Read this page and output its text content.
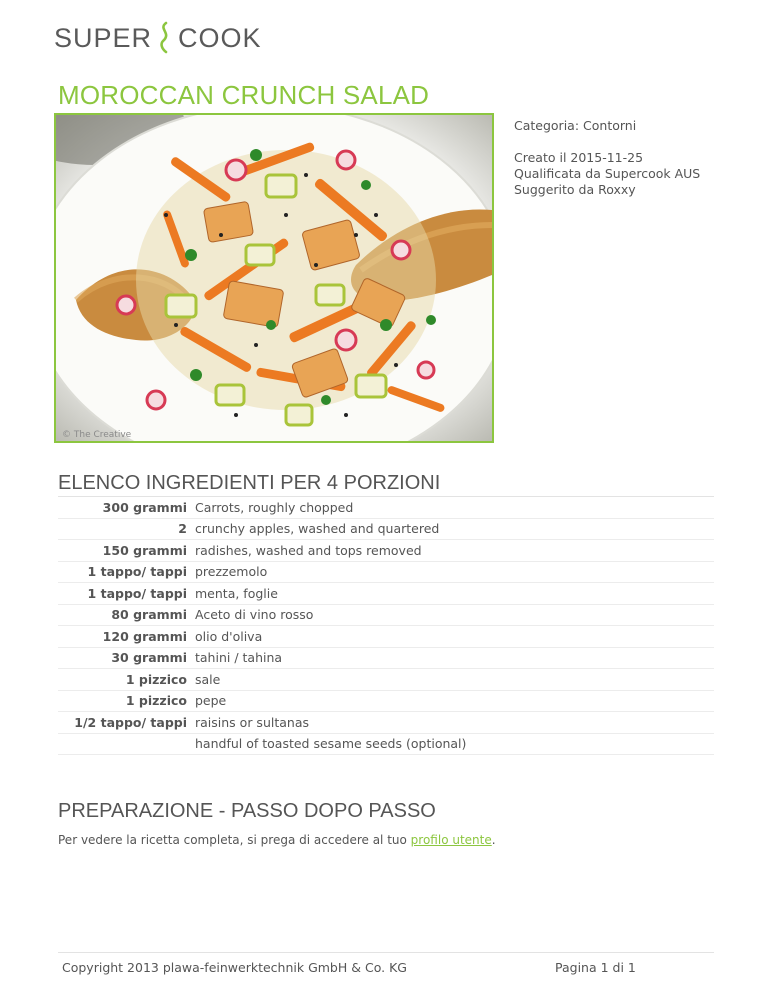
SUPER COOK
MOROCCAN CRUNCH SALAD
© The Creative
Categoria: Contorni
Creato il 2015-11-25
Qualificata da Supercook AUS
Suggerito da Roxxy
ELENCO INGREDIENTI PER 4 PORZIONI
300 grammi Carrots, roughly chopped
2 crunchy apples, washed and quartered
150 grammi radishes, washed and tops removed
1 tappo/ tappi prezzemolo
1 tappo/ tappi menta, foglie
80 grammi Aceto di vino rosso
120 grammi olio d'oliva
30 grammi tahini / tahina
1 pizzico sale
1 pizzico pepe
1/2 tappo/ tappi raisins or sultanas
handful of toasted sesame seeds (optional)
PREPARAZIONE - PASSO DOPO PASSO
Per vedere la ricetta completa, si prega di accedere al tuo profilo utente.
Copyright 2013 plawa-feinwerktechnik GmbH & Co. KG	Pagina 1 di 1
